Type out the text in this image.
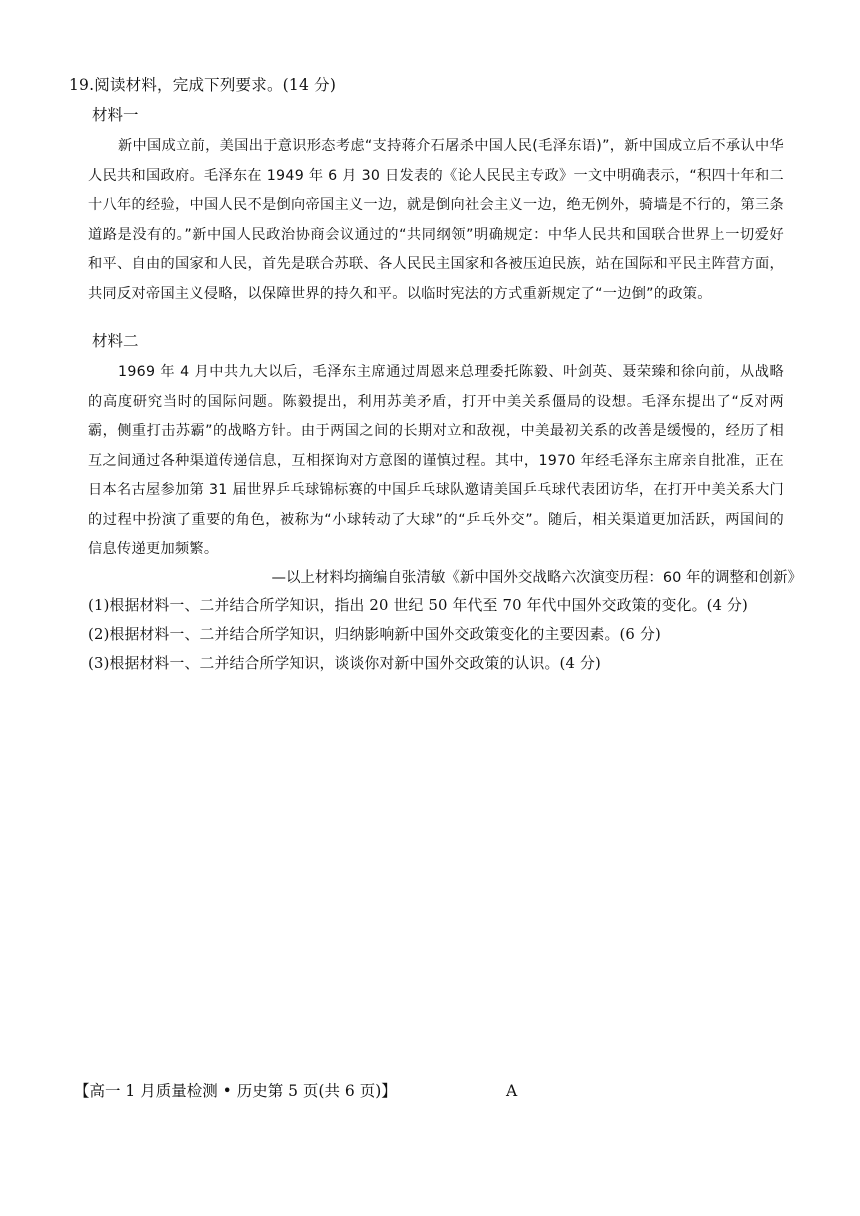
19.阅读材料，完成下列要求。(14 分)
材料一
新中国成立前，美国出于意识形态考虑“支持蒋介石屠杀中国人民(毛泽东语)”，新中国成立后不承认中华人民共和国政府。毛泽东在 1949 年 6 月 30 日发表的《论人民民主专政》一文中明确表示，“积四十年和二十八年的经验，中国人民不是倒向帝国主义一边，就是倒向社会主义一边，绝无例外，骑墙是不行的，第三条道路是没有的。”新中国人民政治协商会议通过的“共同纲领”明确规定：中华人民共和国联合世界上一切爱好和平、自由的国家和人民，首先是联合苏联、各人民民主国家和各被压迫民族，站在国际和平民主阵营方面，共同反对帝国主义侵略，以保障世界的持久和平。以临时宪法的方式重新规定了“一边倒”的政策。
材料二
1969 年 4 月中共九大以后，毛泽东主席通过周恩来总理委托陈毅、叶剑英、聂荣臻和徐向前，从战略的高度研究当时的国际问题。陈毅提出，利用苏美矛盾，打开中美关系僵局的设想。毛泽东提出了“反对两霸，侧重打击苏霸”的战略方针。由于两国之间的长期对立和敌视，中美最初关系的改善是缓慢的，经历了相互之间通过各种渠道传递信息，互相探询对方意图的谨慎过程。其中，1970 年经毛泽东主席亲自批准，正在日本名古屋参加第 31 届世界乒乓球锦标赛的中国乒乓球队邀请美国乒乓球代表团访华，在打开中美关系大门的过程中扮演了重要的角色，被称为“小球转动了大球”的“乒乓外交”。随后，相关渠道更加活跃，两国间的信息传递更加频繁。
—以上材料均摘编自张清敏《新中国外交战略六次演变历程：60 年的调整和创新》
(1)根据材料一、二并结合所学知识，指出 20 世纪 50 年代至 70 年代中国外交政策的变化。(4 分)
(2)根据材料一、二并结合所学知识，归纳影响新中国外交政策变化的主要因素。(6 分)
(3)根据材料一、二并结合所学知识，谈谈你对新中国外交政策的认识。(4 分)
【高一 1 月质量检测 • 历史第 5 页(共 6 页)】	A
